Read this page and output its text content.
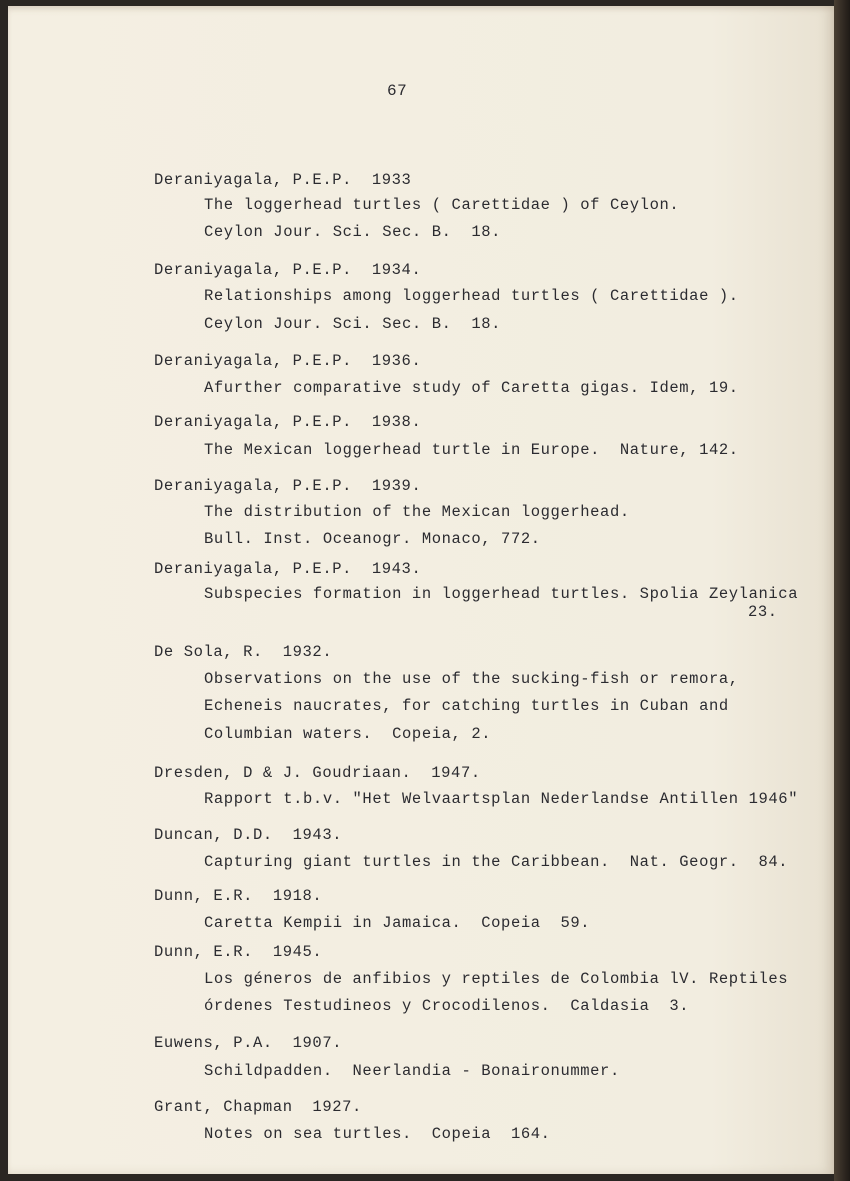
67
Deraniyagala, P.E.P.  1933
The loggerhead turtles ( Carettidae ) of Ceylon.
Ceylon Jour. Sci. Sec. B.  18.
Deraniyagala, P.E.P.  1934.
Relationships among loggerhead turtles ( Carettidae ).
Ceylon Jour. Sci. Sec. B.  18.
Deraniyagala, P.E.P.  1936.
Afurther comparative study of Caretta gigas. Idem, 19.
Deraniyagala, P.E.P.  1938.
The Mexican loggerhead turtle in Europe.  Nature, 142.
Deraniyagala, P.E.P.  1939.
The distribution of the Mexican loggerhead.
Bull. Inst. Oceanogr. Monaco, 772.
Deraniyagala, P.E.P.  1943.
Subspecies formation in loggerhead turtles. Spolia Zeylanica
23.
De Sola, R.  1932.
Observations on the use of the sucking-fish or remora,
Echeneis naucrates, for catching turtles in Cuban and
Columbian waters.  Copeia, 2.
Dresden, D & J. Goudriaan.  1947.
Rapport t.b.v. "Het Welvaartsplan Nederlandse Antillen 1946"
Duncan, D.D.  1943.
Capturing giant turtles in the Caribbean.  Nat. Geogr.  84.
Dunn, E.R.  1918.
Caretta Kempii in Jamaica.  Copeia  59.
Dunn, E.R.  1945.
Los géneros de anfibios y reptiles de Colombia lV. Reptiles
órdenes Testudineos y Crocodilenos.  Caldasia  3.
Euwens, P.A.  1907.
Schildpadden.  Neerlandia - Bonaironummer.
Grant, Chapman  1927.
Notes on sea turtles.  Copeia  164.
